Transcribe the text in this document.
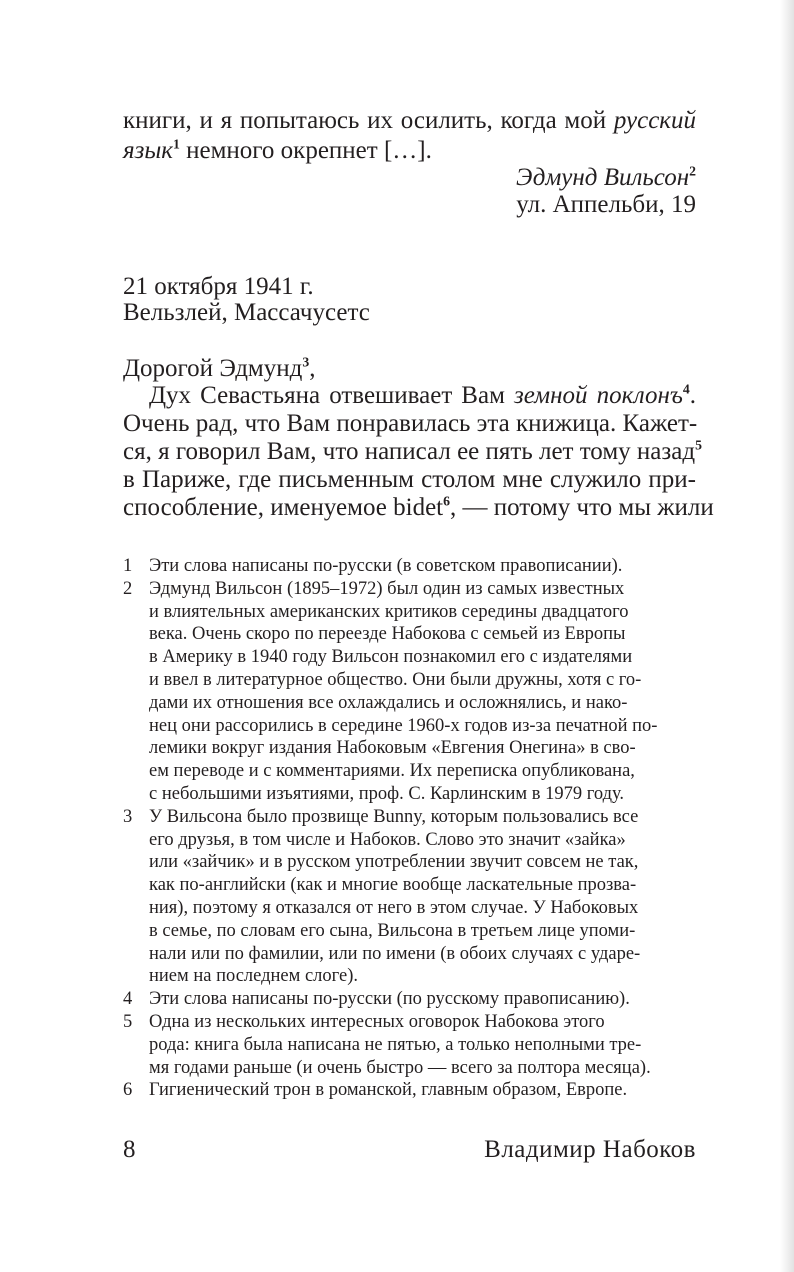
книги, и я попытаюсь их осилить, когда мой русский
язык$^1$ немного окрепнет […].
Эдмунд Вильсон$^2$
ул. Аппельби, 19
21 октября 1941 г.
Вельзлей, Массачусетс
Дорогой Эдмунд$^3$,
Дух Севастьяна отвешивает Вам земной поклонъ$^4$.
Очень рад, что Вам понравилась эта книжица. Кажет-
ся, я говорил Вам, что написал ее пять лет тому назад$^5$
в Париже, где письменным столом мне служило при-
способление, именуемое bidet$^6$, — потому что мы жили
1 Эти слова написаны по-русски (в советском правописании).
2 Эдмунд Вильсон (1895–1972) был один из самых известных
и влиятельных американских критиков середины двадцатого
века. Очень скоро по переезде Набокова с семьей из Европы
в Америку в 1940 году Вильсон познакомил его с издателями
и ввел в литературное общество. Они были дружны, хотя с го-
дами их отношения все охлаждались и осложнялись, и нако-
нец они рассорились в середине 1960-х годов из-за печатной по-
лемики вокруг издания Набоковым «Евгения Онегина» в сво-
ем переводе и с комментариями. Их переписка опубликована,
с небольшими изъятиями, проф. С. Карлинским в 1979 году.
3 У Вильсона было прозвище Bunny, которым пользовались все
его друзья, в том числе и Набоков. Слово это значит «зайка»
или «зайчик» и в русском употреблении звучит совсем не так,
как по-английски (как и многие вообще ласкательные прозва-
ния), поэтому я отказался от него в этом случае. У Набоковых
в семье, по словам его сына, Вильсона в третьем лице упоми-
нали или по фамилии, или по имени (в обоих случаях с ударе-
нием на последнем слоге).
4 Эти слова написаны по-русски (по русскому правописанию).
5 Одна из нескольких интересных оговорок Набокова этого
рода: книга была написана не пятью, а только неполными тре-
мя годами раньше (и очень быстро — всего за полтора месяца).
6 Гигиенический трон в романской, главным образом, Европе.
8	Владимир Набоков
